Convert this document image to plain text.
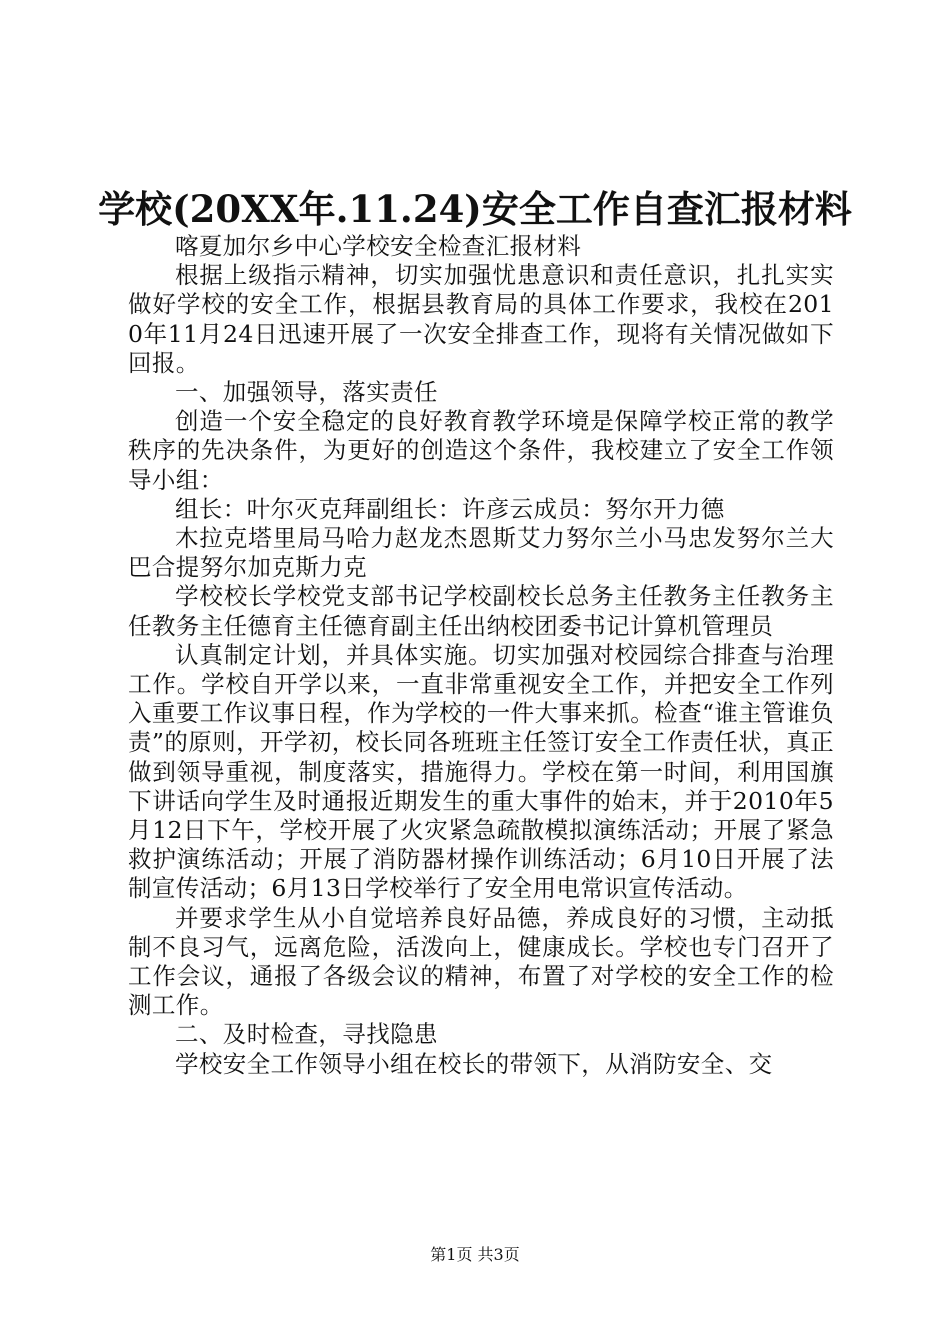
学校(20XX年.11.24)安全工作自查汇报材料

喀夏加尔乡中心学校安全检查汇报材料

根据上级指示精神，切实加强忧患意识和责任意识，扎扎实实做好学校的安全工作，根据县教育局的具体工作要求，我校在2010年11月24日迅速开展了一次安全排查工作，现将有关情况做如下回报。

一、加强领导，落实责任

创造一个安全稳定的良好教育教学环境是保障学校正常的教学秩序的先决条件，为更好的创造这个条件，我校建立了安全工作领导小组：

组长：叶尔灭克拜副组长：许彦云成员：努尔开力德

木拉克塔里局马哈力赵龙杰恩斯艾力努尔兰小马忠发努尔兰大巴合提努尔加克斯力克

学校校长学校党支部书记学校副校长总务主任教务主任教务主任教务主任德育主任德育副主任出纳校团委书记计算机管理员

认真制定计划，并具体实施。切实加强对校园综合排查与治理工作。学校自开学以来，一直非常重视安全工作，并把安全工作列入重要工作议事日程，作为学校的一件大事来抓。检查“谁主管谁负责”的原则，开学初，校长同各班班主任签订安全工作责任状，真正做到领导重视，制度落实，措施得力。学校在第一时间，利用国旗下讲话向学生及时通报近期发生的重大事件的始末，并于2010年5月12日下午，学校开展了火灾紧急疏散模拟演练活动；开展了紧急救护演练活动；开展了消防器材操作训练活动；6月10日开展了法制宣传活动；6月13日学校举行了安全用电常识宣传活动。

并要求学生从小自觉培养良好品德，养成良好的习惯，主动抵制不良习气，远离危险，活泼向上，健康成长。学校也专门召开了工作会议，通报了各级会议的精神，布置了对学校的安全工作的检测工作。

二、及时检查，寻找隐患

学校安全工作领导小组在校长的带领下，从消防安全、交

第1页 共3页
